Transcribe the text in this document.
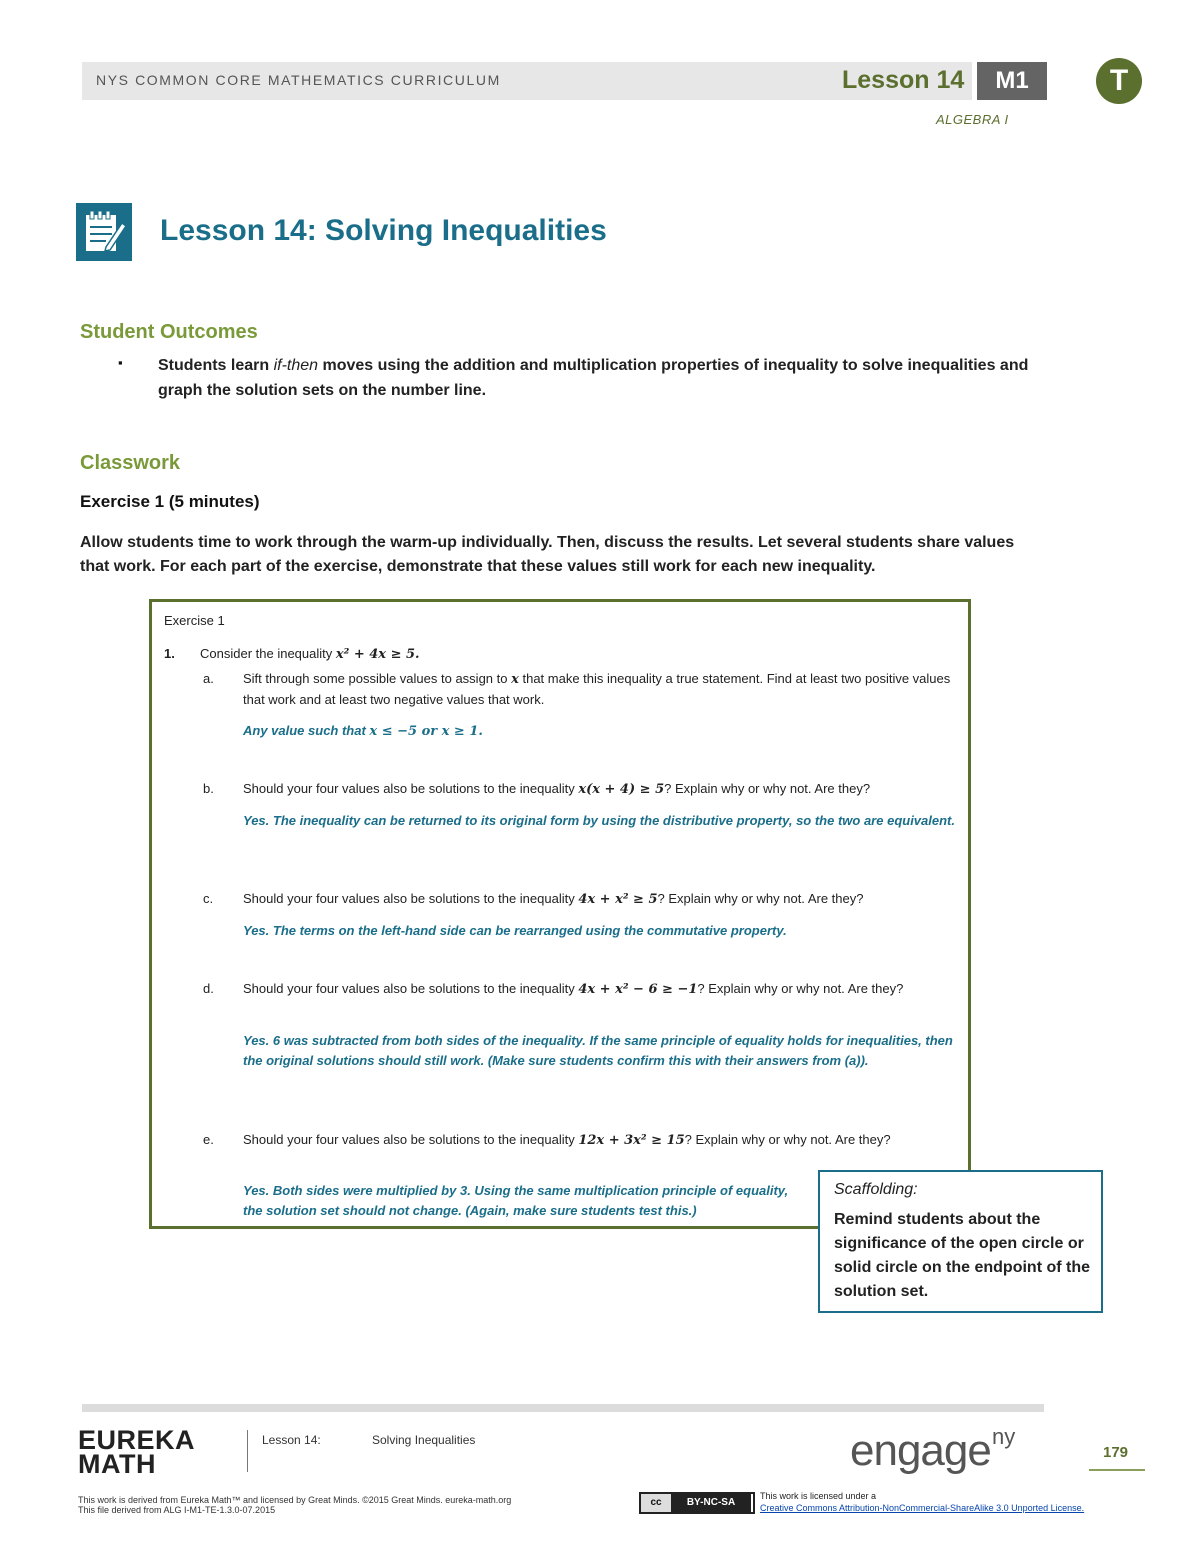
NYS COMMON CORE MATHEMATICS CURRICULUM	Lesson 14	M1	T
ALGEBRA I
Lesson 14: Solving Inequalities
Student Outcomes
▪ Students learn if-then moves using the addition and multiplication properties of inequality to solve inequalities and graph the solution sets on the number line.
Classwork
Exercise 1 (5 minutes)
Allow students time to work through the warm-up individually. Then, discuss the results. Let several students share values that work. For each part of the exercise, demonstrate that these values still work for each new inequality.
Exercise 1
1. Consider the inequality x² + 4x ≥ 5.
a. Sift through some possible values to assign to x that make this inequality a true statement. Find at least two positive values that work and at least two negative values that work.
Any value such that x ≤ −5 or x ≥ 1.
b. Should your four values also be solutions to the inequality x(x + 4) ≥ 5? Explain why or why not. Are they?
Yes. The inequality can be returned to its original form by using the distributive property, so the two are equivalent.
c. Should your four values also be solutions to the inequality 4x + x² ≥ 5? Explain why or why not. Are they?
Yes. The terms on the left-hand side can be rearranged using the commutative property.
d. Should your four values also be solutions to the inequality 4x + x² − 6 ≥ −1? Explain why or why not. Are they?
Yes. 6 was subtracted from both sides of the inequality. If the same principle of equality holds for inequalities, then the original solutions should still work. (Make sure students confirm this with their answers from (a)).
e. Should your four values also be solutions to the inequality 12x + 3x² ≥ 15? Explain why or why not. Are they?
Yes. Both sides were multiplied by 3. Using the same multiplication principle of equality, the solution set should not change. (Again, make sure students test this.)
Scaffolding:
Remind students about the significance of the open circle or solid circle on the endpoint of the solution set.
EUREKA
MATH
Lesson 14:	Solving Inequalities	engage ny
179
This work is derived from Eureka Math™ and licensed by Great Minds. ©2015 Great Minds. eureka-math.org
This file derived from ALG I-M1-TE-1.3.0-07.2015
cc	BY-NC-SA
This work is licensed under a
Creative Commons Attribution-NonCommercial-ShareAlike 3.0 Unported License.
